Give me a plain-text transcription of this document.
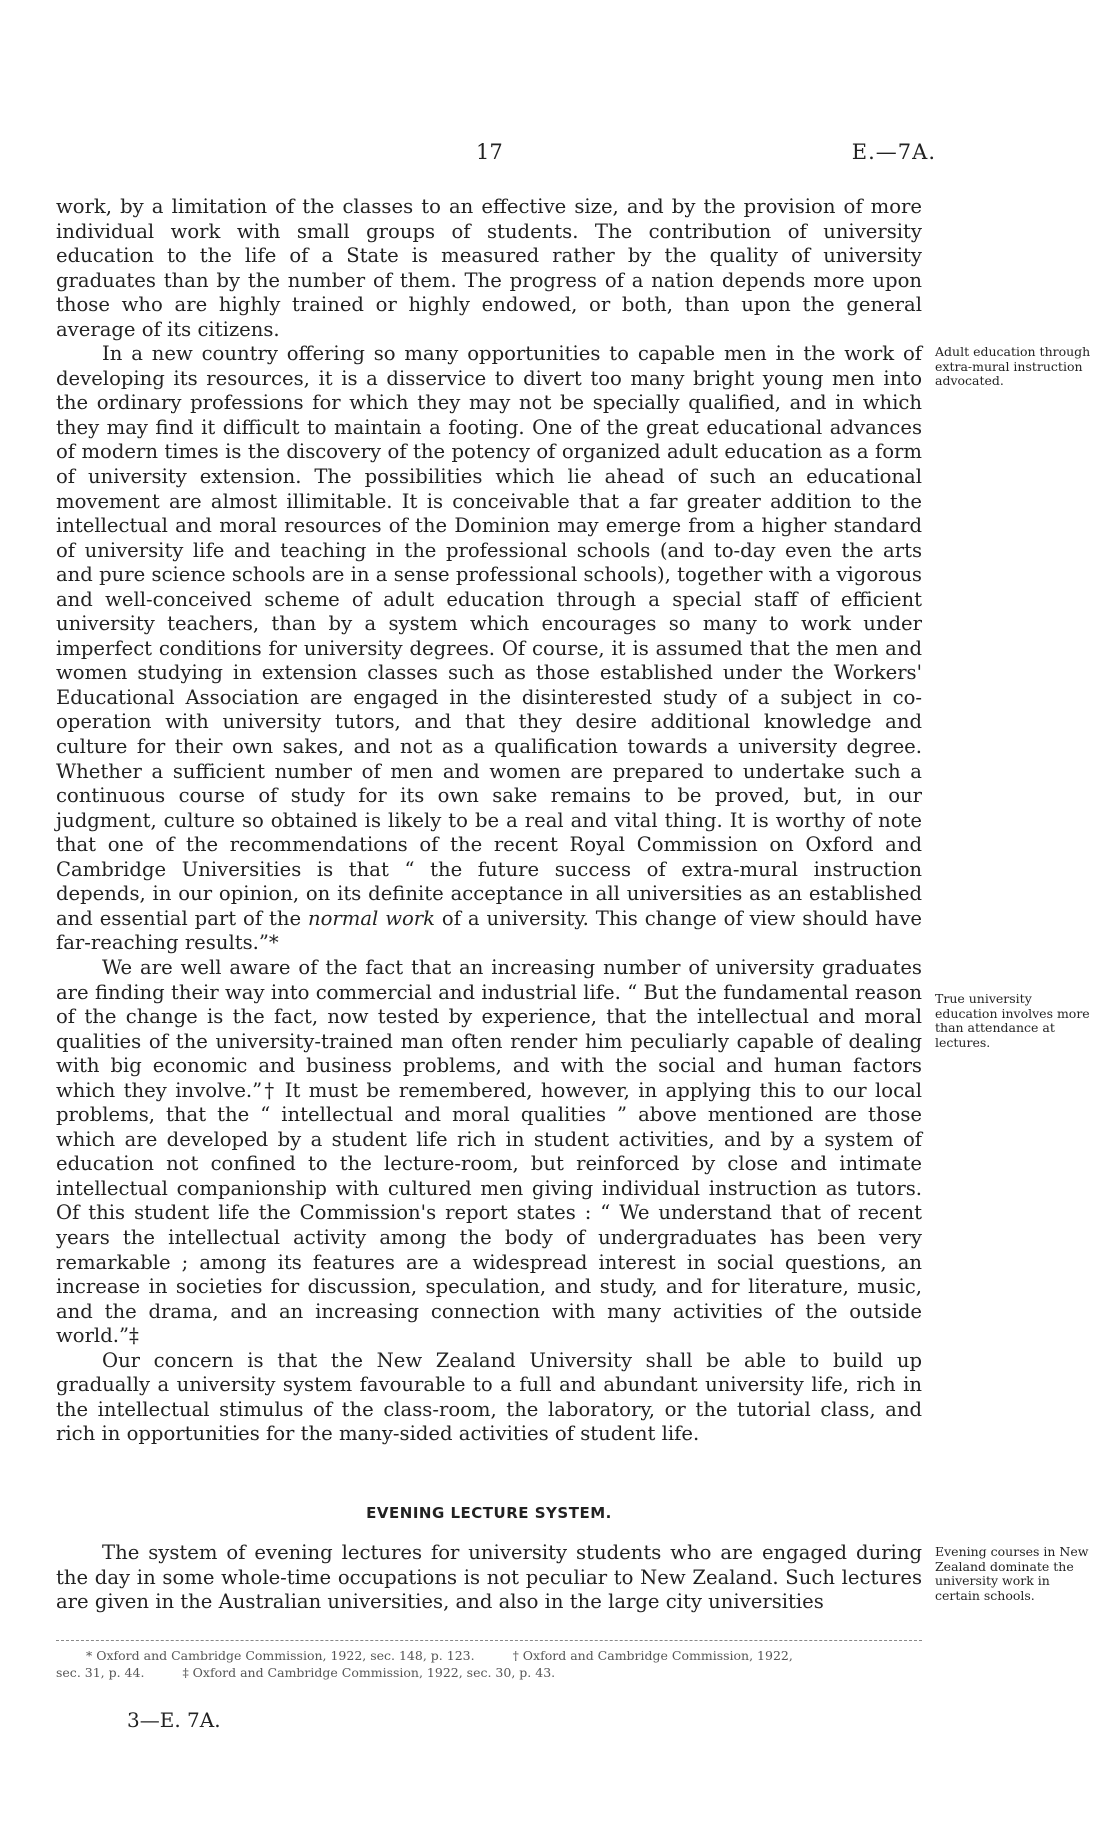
17	E.—7A.

work, by a limitation of the classes to an effective size, and by the provision of more individual work with small groups of students. The contribution of university education to the life of a State is measured rather by the quality of university graduates than by the number of them. The progress of a nation depends more upon those who are highly trained or highly endowed, or both, than upon the general average of its citizens.

In a new country offering so many opportunities to capable men in the work of developing its resources, it is a disservice to divert too many bright young men into the ordinary professions for which they may not be specially qualified, and in which they may find it difficult to maintain a footing. One of the great educational advances of modern times is the discovery of the potency of organized adult education as a form of university extension. The possibilities which lie ahead of such an educational movement are almost illimitable. It is conceivable that a far greater addition to the intellectual and moral resources of the Dominion may emerge from a higher standard of university life and teaching in the professional schools (and to-day even the arts and pure science schools are in a sense professional schools), together with a vigorous and well-conceived scheme of adult education through a special staff of efficient university teachers, than by a system which encourages so many to work under imperfect conditions for university degrees. Of course, it is assumed that the men and women studying in extension classes such as those established under the Workers' Educational Association are engaged in the disinterested study of a subject in co-operation with university tutors, and that they desire additional knowledge and culture for their own sakes, and not as a qualification towards a university degree. Whether a sufficient number of men and women are prepared to undertake such a continuous course of study for its own sake remains to be proved, but, in our judgment, culture so obtained is likely to be a real and vital thing. It is worthy of note that one of the recommendations of the recent Royal Commission on Oxford and Cambridge Universities is that “ the future success of extra-mural instruction depends, in our opinion, on its definite acceptance in all universities as an established and essential part of the normal work of a university. This change of view should have far-reaching results.”*

We are well aware of the fact that an increasing number of university graduates are finding their way into commercial and industrial life. “ But the fundamental reason of the change is the fact, now tested by experience, that the intellectual and moral qualities of the university-trained man often render him peculiarly capable of dealing with big economic and business problems, and with the social and human factors which they involve.”† It must be remembered, however, in applying this to our local problems, that the “ intellectual and moral qualities ” above mentioned are those which are developed by a student life rich in student activities, and by a system of education not confined to the lecture-room, but reinforced by close and intimate intellectual companionship with cultured men giving individual instruction as tutors. Of this student life the Commission's report states : “ We understand that of recent years the intellectual activity among the body of undergraduates has been very remarkable ; among its features are a widespread interest in social questions, an increase in societies for discussion, speculation, and study, and for literature, music, and the drama, and an increasing connection with many activities of the outside world.”‡

Our concern is that the New Zealand University shall be able to build up gradually a university system favourable to a full and abundant university life, rich in the intellectual stimulus of the class-room, the laboratory, or the tutorial class, and rich in opportunities for the many-sided activities of student life.

Adult education through extra-mural instruction advocated.
True university education involves more than attendance at lectures.
Evening courses in New Zealand dominate the university work in certain schools.
EVENING LECTURE SYSTEM.

The system of evening lectures for university students who are engaged during the day in some whole-time occupations is not peculiar to New Zealand. Such lectures are given in the Australian universities, and also in the large city universities

* Oxford and Cambridge Commission, 1922, sec. 148, p. 123.	† Oxford and Cambridge Commission, 1922,
sec. 31, p. 44.	‡ Oxford and Cambridge Commission, 1922, sec. 30, p. 43.
3—E. 7A.
